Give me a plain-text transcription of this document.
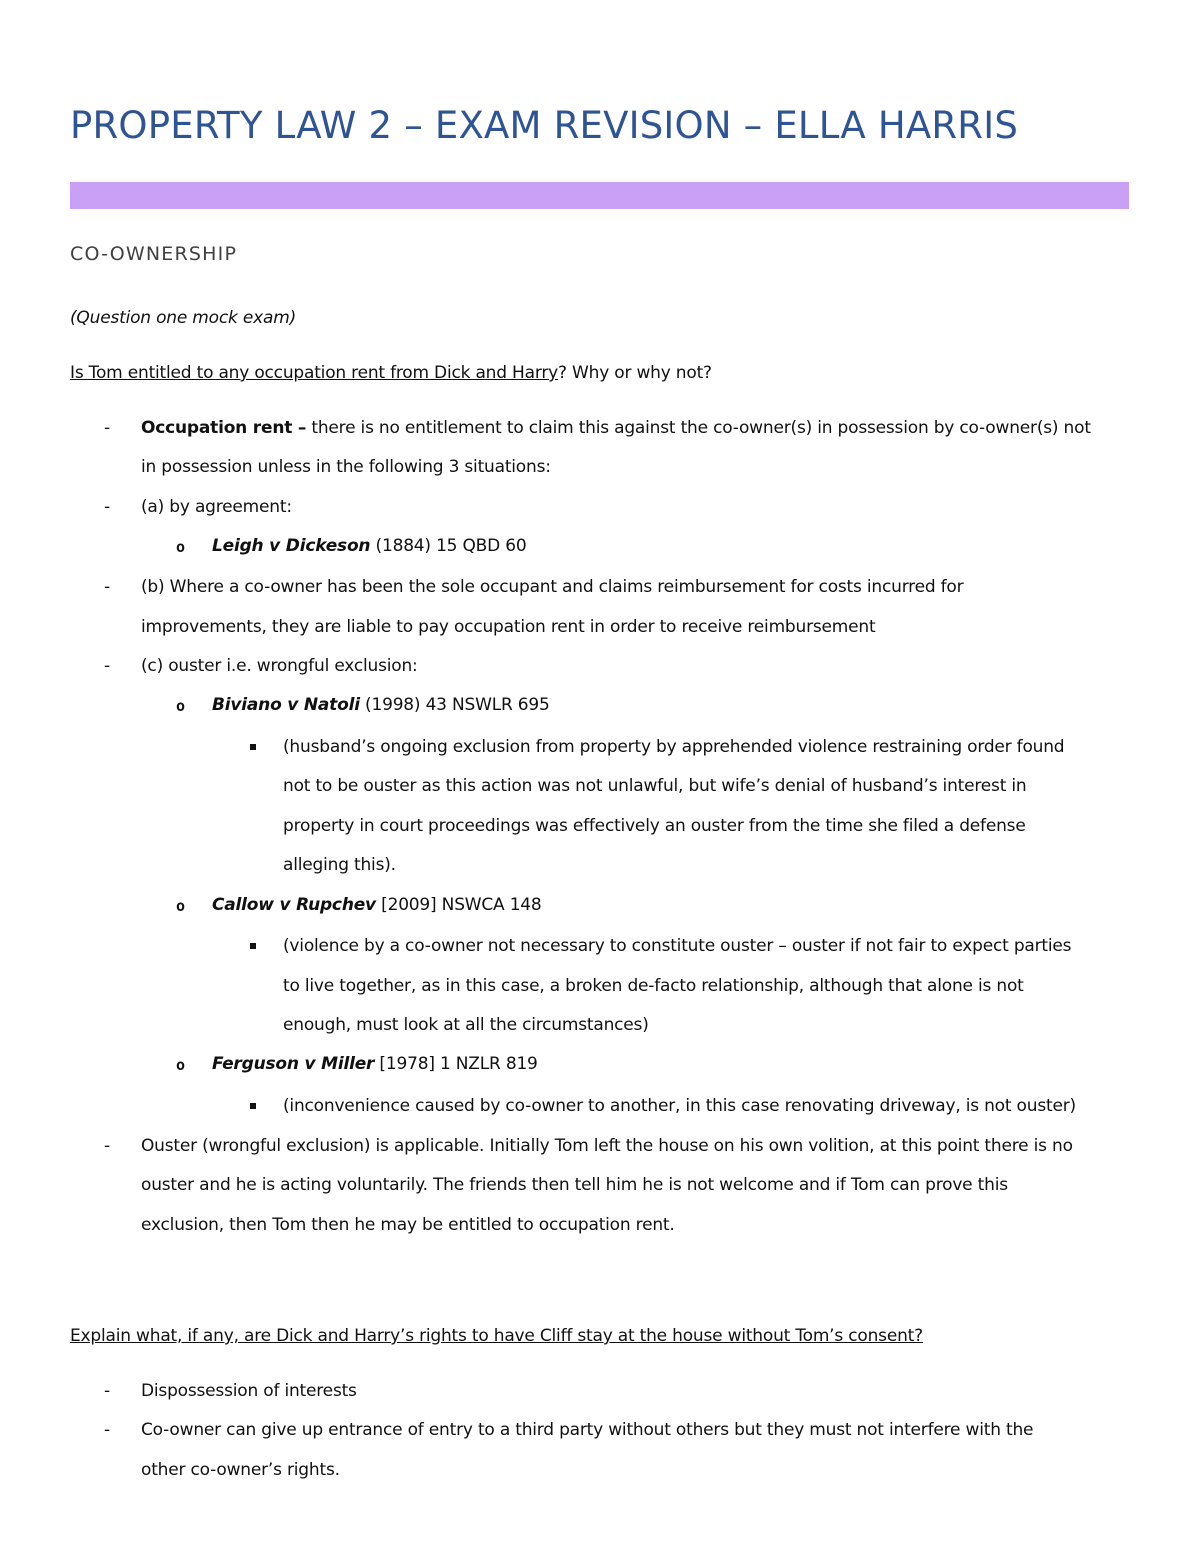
PROPERTY LAW 2 – EXAM REVISION – ELLA HARRIS
CO-OWNERSHIP
(Question one mock exam)
Is Tom entitled to any occupation rent from Dick and Harry? Why or why not?
- Occupation rent – there is no entitlement to claim this against the co-owner(s) in possession by co-owner(s) not
in possession unless in the following 3 situations:
- (a) by agreement:
o Leigh v Dickeson (1884) 15 QBD 60
- (b) Where a co-owner has been the sole occupant and claims reimbursement for costs incurred for
improvements, they are liable to pay occupation rent in order to receive reimbursement
- (c) ouster i.e. wrongful exclusion:
o Biviano v Natoli (1998) 43 NSWLR 695
(husband’s ongoing exclusion from property by apprehended violence restraining order found
not to be ouster as this action was not unlawful, but wife’s denial of husband’s interest in
property in court proceedings was effectively an ouster from the time she filed a defense
alleging this).
o Callow v Rupchev [2009] NSWCA 148
(violence by a co-owner not necessary to constitute ouster – ouster if not fair to expect parties
to live together, as in this case, a broken de-facto relationship, although that alone is not
enough, must look at all the circumstances)
o Ferguson v Miller [1978] 1 NZLR 819
(inconvenience caused by co-owner to another, in this case renovating driveway, is not ouster)
- Ouster (wrongful exclusion) is applicable. Initially Tom left the house on his own volition, at this point there is no
ouster and he is acting voluntarily. The friends then tell him he is not welcome and if Tom can prove this
exclusion, then Tom then he may be entitled to occupation rent.
Explain what, if any, are Dick and Harry’s rights to have Cliff stay at the house without Tom’s consent?
- Dispossession of interests
- Co-owner can give up entrance of entry to a third party without others but they must not interfere with the
other co-owner’s rights.
